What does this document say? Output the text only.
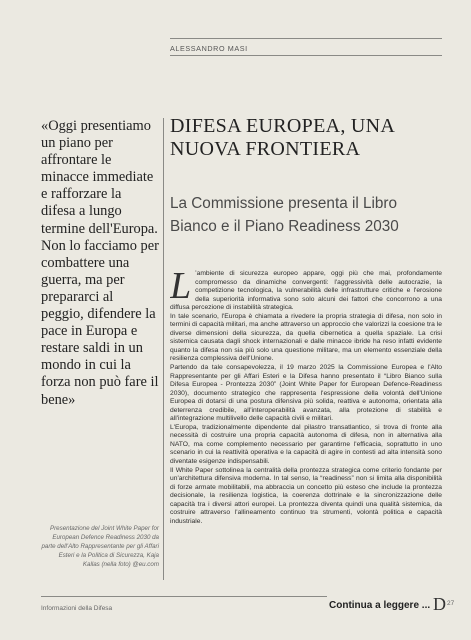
ALESSANDRO MASI

«Oggi presentiamo un piano per affrontare le minacce immediate e rafforzare la difesa a lungo termine dell'Europa. Non lo facciamo per combattere una guerra, ma per prepararci al peggio, difendere la pace in Europa e restare saldi in un mondo in cui la forza non può fare il bene»

Presentazione del Joint White Paper for European Defence Readiness 2030 da parte dell'Alto Rappresentante per gli Affari Esteri e la Politica di Sicurezza, Kaja Kallas (nella foto) @eu.com

DIFESA EUROPEA, UNA NUOVA FRONTIERA
La Commissione presenta il Libro Bianco e il Piano Readiness 2030
L ’ambiente di sicurezza europeo appare, oggi più che mai, profondamente compromesso da dinamiche convergenti: l'aggressività delle autocrazie, la competizione tecnologica, la vulnerabilità delle infrastrutture critiche e l'erosione della superiorità informativa sono solo alcuni dei fattori che concorrono a una diffusa percezione di instabilità strategica.

In tale scenario, l'Europa è chiamata a rivedere la propria strategia di difesa, non solo in termini di capacità militari, ma anche attraverso un approccio che valorizzi la coesione tra le diverse dimensioni della sicurezza, da quella cibernetica a quella spaziale. La crisi sistemica causata dagli shock internazionali e dalle minacce ibride ha reso infatti evidente quanto la difesa non sia più solo una questione militare, ma un elemento essenziale della resilienza complessiva dell'Unione.

Partendo da tale consapevolezza, il 19 marzo 2025 la Commissione Europea e l'Alto Rappresentante per gli Affari Esteri e la Difesa hanno presentato il “Libro Bianco sulla Difesa Europea - Prontezza 2030” (Joint White Paper for European Defence-Readiness 2030), documento strategico che rappresenta l'espressione della volontà dell'Unione Europea di dotarsi di una postura difensiva più solida, reattiva e autonoma, orientata alla deterrenza credibile, all'interoperabilità avanzata, alla protezione di stabilità e all'integrazione multilivello delle capacità civili e militari.

L'Europa, tradizionalmente dipendente dal pilastro transatlantico, si trova di fronte alla necessità di costruire una propria capacità autonoma di difesa, non in alternativa alla NATO, ma come complemento necessario per garantirne l'efficacia, soprattutto in uno scenario in cui la reattività operativa e la capacità di agire in contesti ad alta intensità sono diventate esigenze indispensabili.

Il White Paper sottolinea la centralità della prontezza strategica come criterio fondante per un'architettura difensiva moderna. In tal senso, la “readiness” non si limita alla disponibilità di forze armate mobilitabili, ma abbraccia un concetto più esteso che include la prontezza decisionale, la resilienza logistica, la coerenza dottrinale e la sincronizzazione delle capacità tra i diversi attori europei. La prontezza diventa quindi una qualità sistemica, da costruire attraverso l'allineamento continuo tra strumenti, volontà politica e capacità industriale.

Informazioni della Difesa	Continua a leggere ... D 27
